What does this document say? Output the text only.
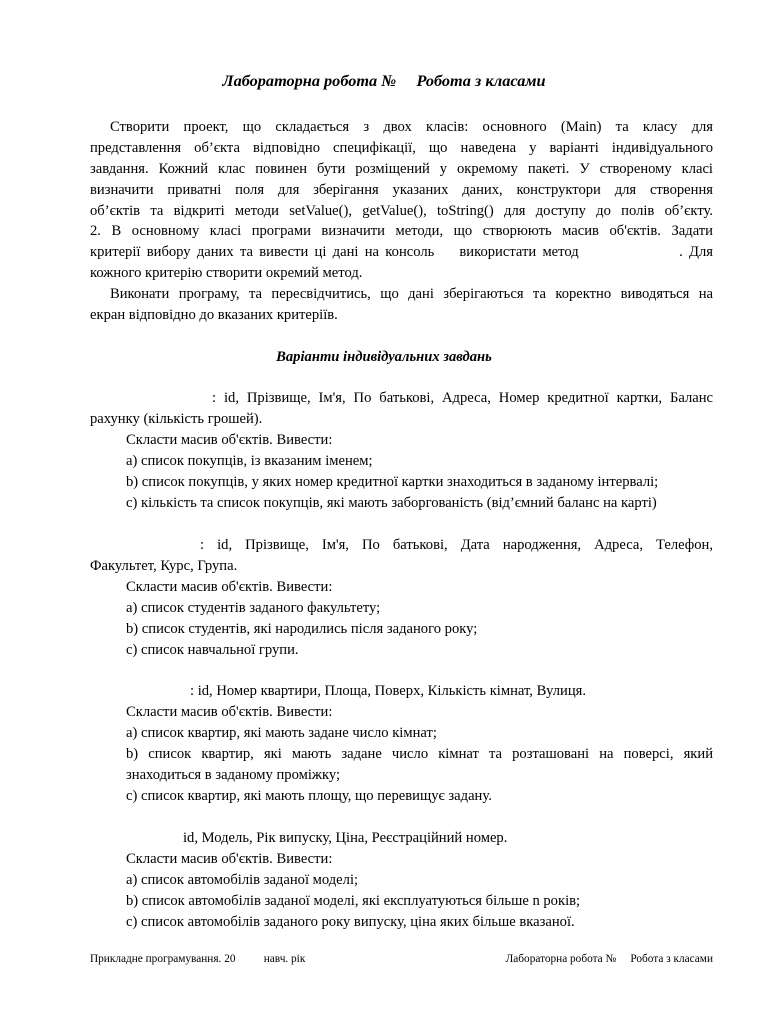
Лабораторна робота №     Робота з класами
Створити проект, що складається з двох класів: основного (Main) та класу для
представлення об’єкта відповідно специфікації, що наведена у варіанті індивідуального
завдання. Кожний клас повинен бути розміщений у окремому пакеті. У створеному класі
визначити приватні поля для зберігання указаних даних, конструктори для створення
об’єктів та відкриті методи setValue(), getValue(), toString() для доступу до полів об’єкту.
2. В основному класі програми визначити методи, що створюють масив об'єктів. Задати
критерії вибору даних та вивести ці дані на консоль    використати метод                . Для
кожного критерію створити окремий метод.
Виконати програму, та пересвідчитись, що дані зберігаються та коректно виводяться на
екран відповідно до вказаних критеріїв.
Варіанти індивідуальних завдань
: id, Прізвище, Ім'я, По батькові, Адреса, Номер кредитної картки, Баланс
рахунку (кількість грошей).
Скласти масив об'єктів. Вивести:
a) список покупців, із вказаним іменем;
b) список покупців, у яких номер кредитної картки знаходиться в заданому інтервалі;
c) кількість та список покупців, які мають заборгованість (від’ємний баланс на карті)
: id, Прізвище, Ім'я, По батькові, Дата народження, Адреса, Телефон,
Факультет, Курс, Група.
Скласти масив об'єктів. Вивести:
a) список студентів заданого факультету;
b) список студентів, які народились після заданого року;
c) список навчальної групи.
: id, Номер квартири, Площа, Поверх, Кількість кімнат, Вулиця.
Скласти масив об'єктів. Вивести:
a) список квартир, які мають задане число кімнат;
b) список квартир, які мають задане число кімнат та розташовані на поверсі, який
знаходиться в заданому проміжку;
c) список квартир, які мають площу, що перевищує задану.
id, Модель, Рік випуску, Ціна, Реєстраційний номер.
Скласти масив об'єктів. Вивести:
a) список автомобілів заданої моделі;
b) список автомобілів заданої моделі, які експлуатуються більше n років;
c) список автомобілів заданого року випуску, ціна яких більше вказаної.
Прикладне програмування. 20          навч. рік	Лабораторна робота №     Робота з класами
